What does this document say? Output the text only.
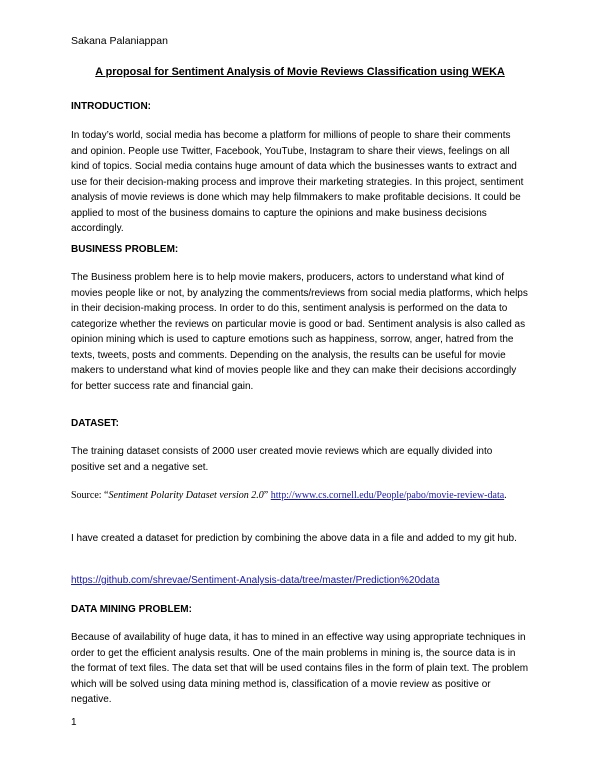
Sakana Palaniappan
A proposal for Sentiment Analysis of Movie Reviews Classification using WEKA
INTRODUCTION:
In today’s world, social media has become a platform for millions of people to share their comments and opinion. People use Twitter, Facebook, YouTube, Instagram to share their views, feelings on all kind of topics. Social media contains huge amount of data which the businesses wants to extract and use for their decision-making process and improve their marketing strategies. In this project, sentiment analysis of movie reviews is done which may help filmmakers to make profitable decisions. It could be applied to most of the business domains to capture the opinions and make business decisions accordingly.
BUSINESS PROBLEM:
The Business problem here is to help movie makers, producers, actors to understand what kind of movies people like or not, by analyzing the comments/reviews from social media platforms, which helps in their decision-making process. In order to do this, sentiment analysis is performed on the data to categorize whether the reviews on particular movie is good or bad. Sentiment analysis is also called as opinion mining which is used to capture emotions such as happiness, sorrow, anger, hatred from the texts, tweets, posts and comments. Depending on the analysis, the results can be useful for movie makers to understand what kind of movies people like and they can make their decisions accordingly for better success rate and financial gain.
DATASET:
The training dataset consists of 2000 user created movie reviews which are equally divided into positive set and a negative set.
Source: “Sentiment Polarity Dataset version 2.0” http://www.cs.cornell.edu/People/pabo/movie-review-data.
I have created a dataset for prediction by combining the above data in a file and added to my git hub.
https://github.com/shrevae/Sentiment-Analysis-data/tree/master/Prediction%20data
DATA MINING PROBLEM:
Because of availability of huge data, it has to mined in an effective way using appropriate techniques in order to get the efficient analysis results. One of the main problems in mining is, the source data is in the format of text files. The data set that will be used contains files in the form of plain text. The problem which will be solved using data mining method is, classification of a movie review as positive or negative.
1
